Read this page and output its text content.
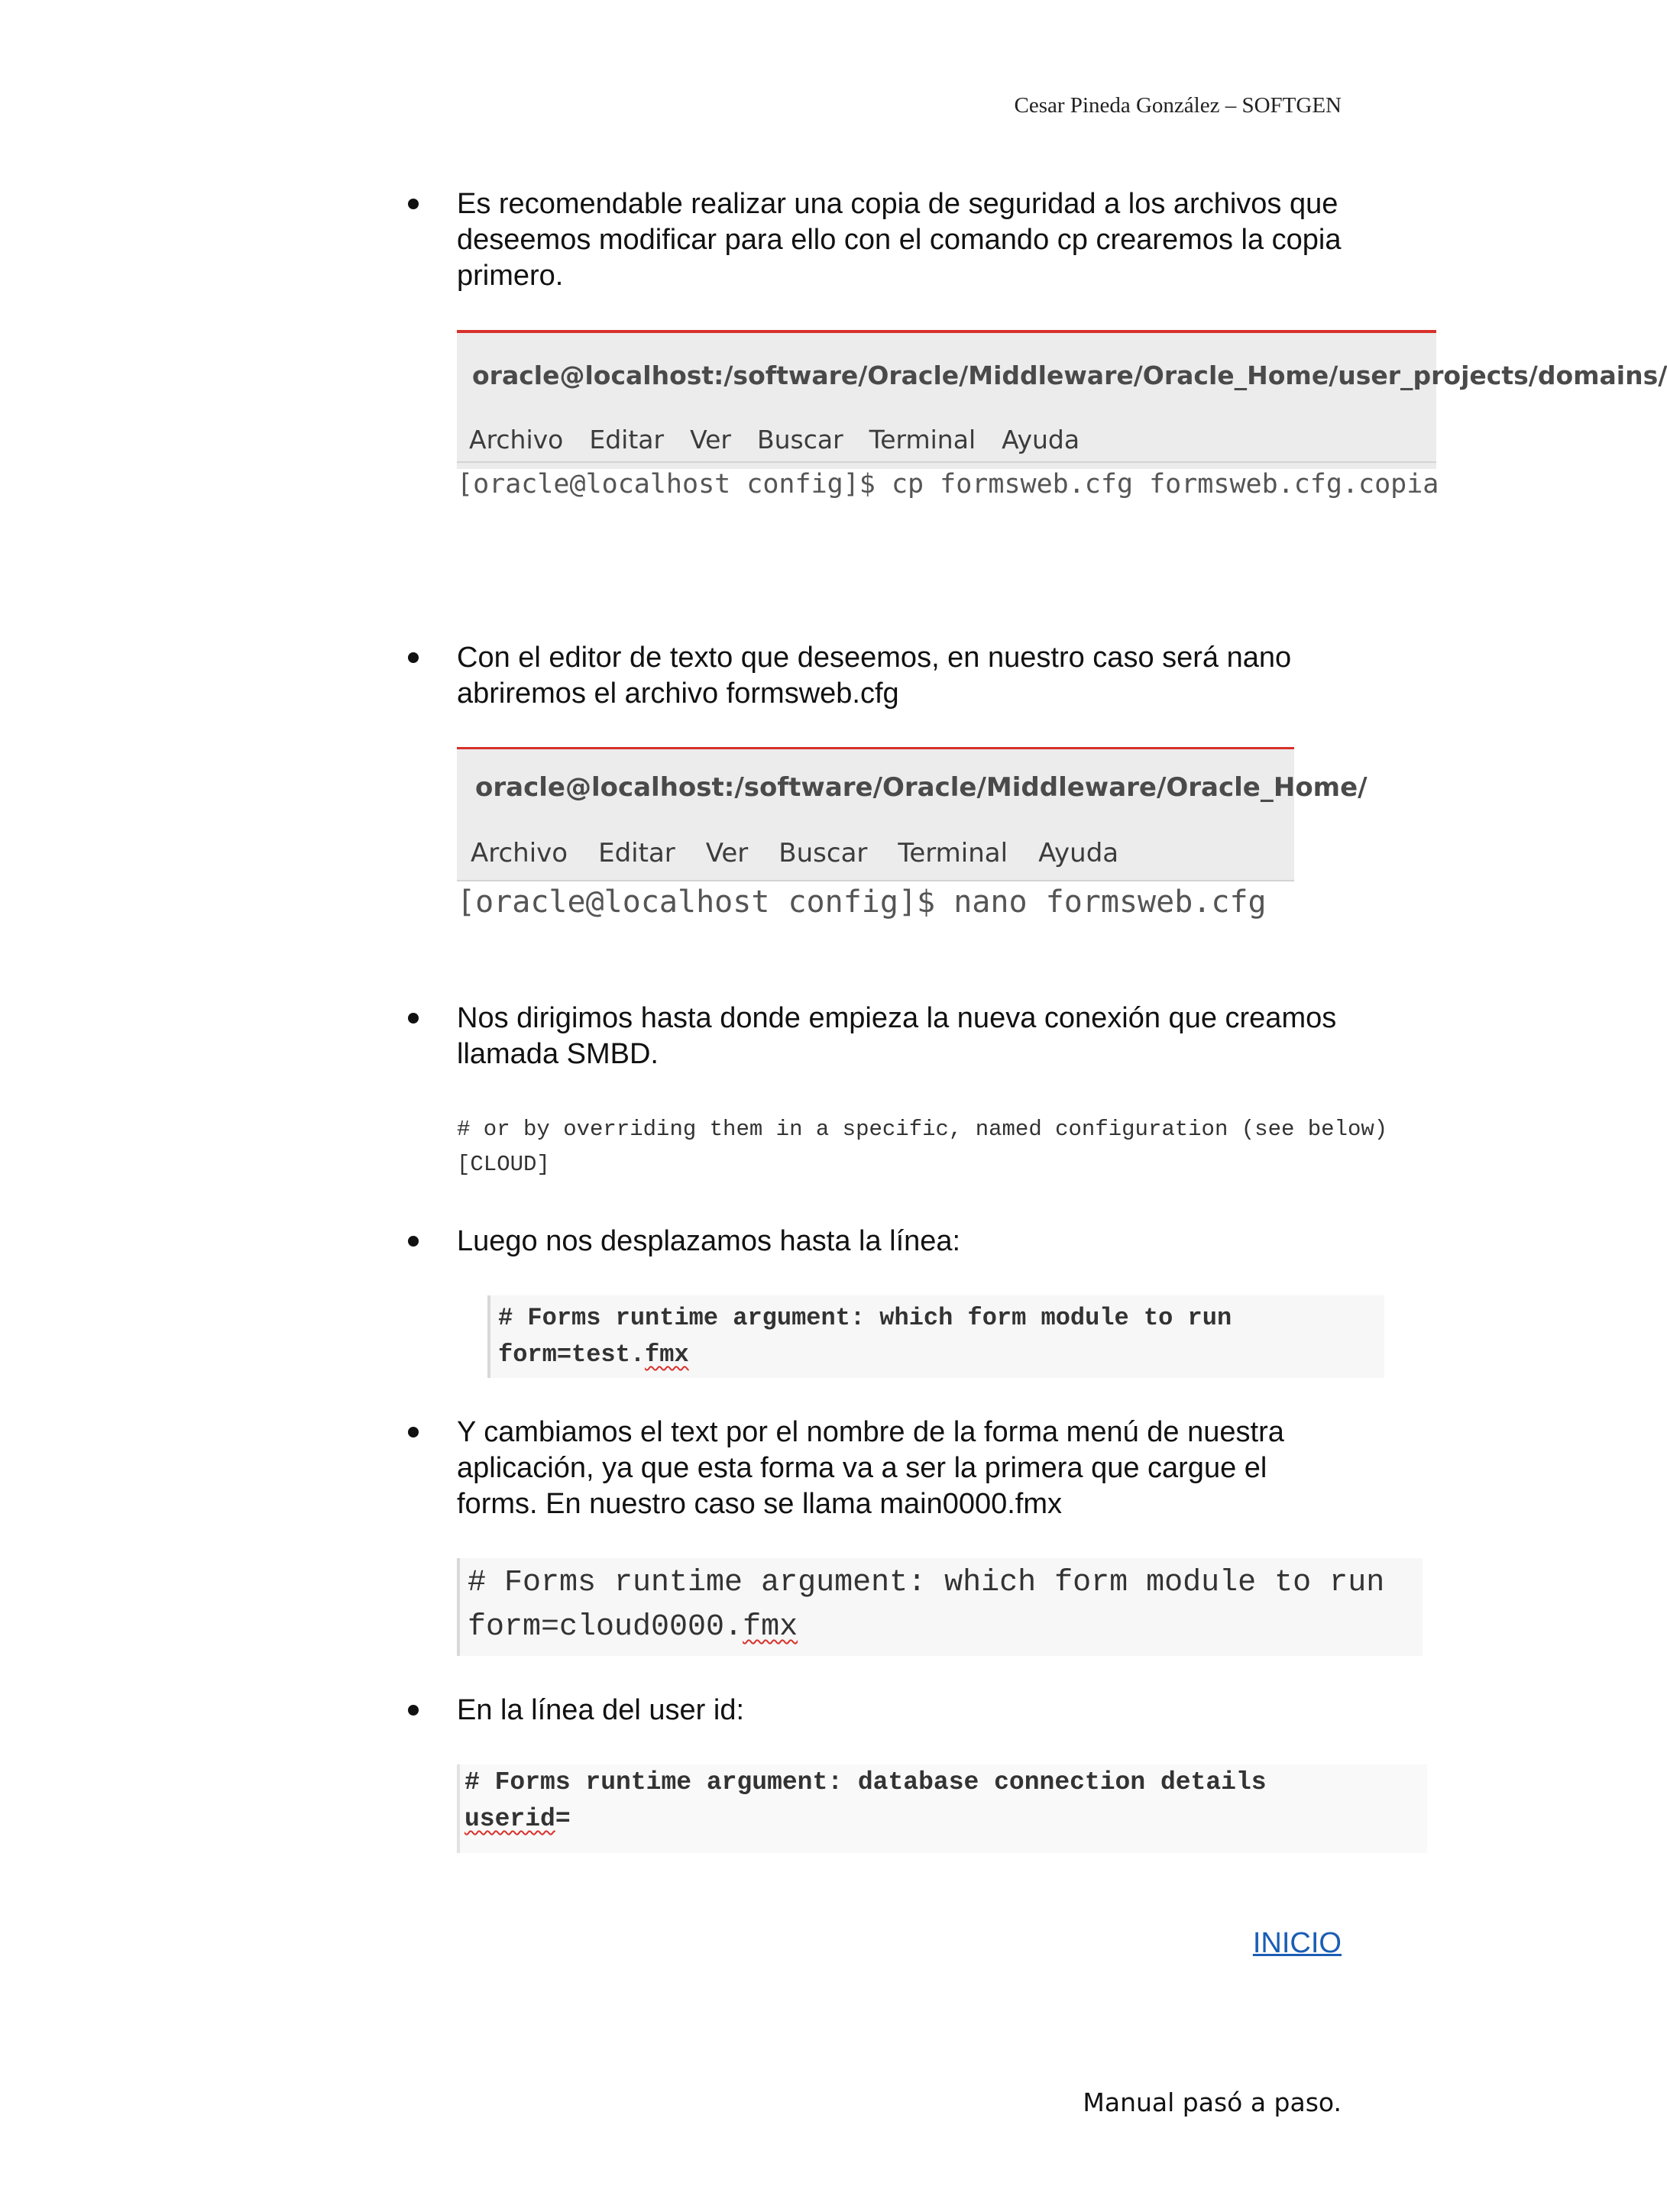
Cesar Pineda González – SOFTGEN
Es recomendable realizar una copia de seguridad a los archivos que
deseemos modificar para ello con el comando cp crearemos la copia
primero.
oracle@localhost:/software/Oracle/Middleware/Oracle_Home/user_projects/domains/
Archivo Editar Ver Buscar Terminal Ayuda
[oracle@localhost config]$ cp formsweb.cfg formsweb.cfg.copia
Con el editor de texto que deseemos, en nuestro caso será nano
abriremos el archivo formsweb.cfg
oracle@localhost:/software/Oracle/Middleware/Oracle_Home/
Archivo Editar Ver Buscar Terminal Ayuda
[oracle@localhost config]$ nano formsweb.cfg
Nos dirigimos hasta donde empieza la nueva conexión que creamos
llamada SMBD.
# or by overriding them in a specific, named configuration (see below)
[CLOUD]
Luego nos desplazamos hasta la línea:
# Forms runtime argument: which form module to run
form=test.fmx
Y cambiamos el text por el nombre de la forma menú de nuestra
aplicación, ya que esta forma va a ser la primera que cargue el
forms. En nuestro caso se llama main0000.fmx
# Forms runtime argument: which form module to run
form=cloud0000.fmx
En la línea del user id:
# Forms runtime argument: database connection details
userid=
INICIO
Manual pasó a paso.
